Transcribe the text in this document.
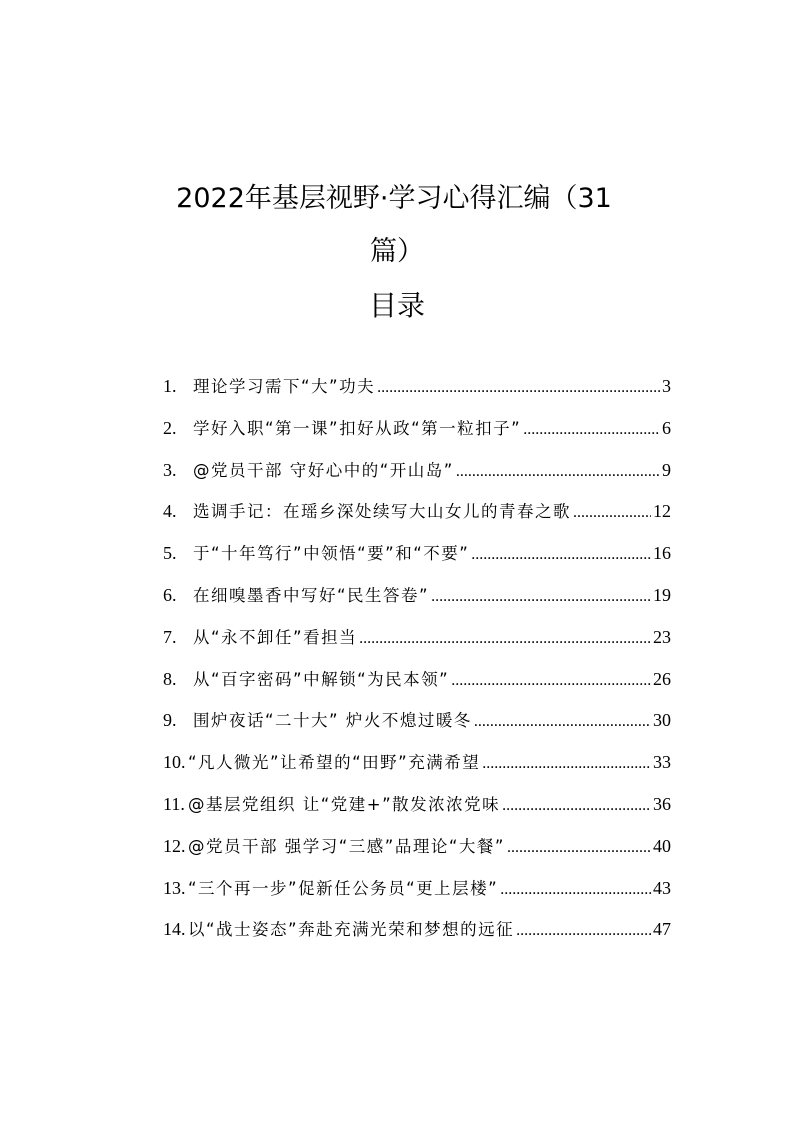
2022年基层视野·学习心得汇编（31
篇）
目录
1.	理论学习需下“大”功夫 .....	3
2.	学好入职“第一课”扣好从政“第一粒扣子” .....	6
3.	@党员干部 守好心中的“开山岛” .....	9
4.	选调手记：在瑶乡深处续写大山女儿的青春之歌 .....	12
5.	于“十年笃行”中领悟“要”和“不要” .....	16
6.	在细嗅墨香中写好“民生答卷” .....	19
7.	从“永不卸任”看担当 .....	23
8.	从“百字密码”中解锁“为民本领” .....	26
9.	围炉夜话“二十大” 炉火不熄过暖冬 .....	30
10. “凡人微光”让希望的“田野”充满希望 .....	33
11. @基层党组织 让“党建+”散发浓浓党味 .....	36
12. @党员干部 强学习“三感”品理论“大餐” .....	40
13. “三个再一步”促新任公务员“更上层楼” .....	43
14. 以“战士姿态”奔赴充满光荣和梦想的远征 .....	47
